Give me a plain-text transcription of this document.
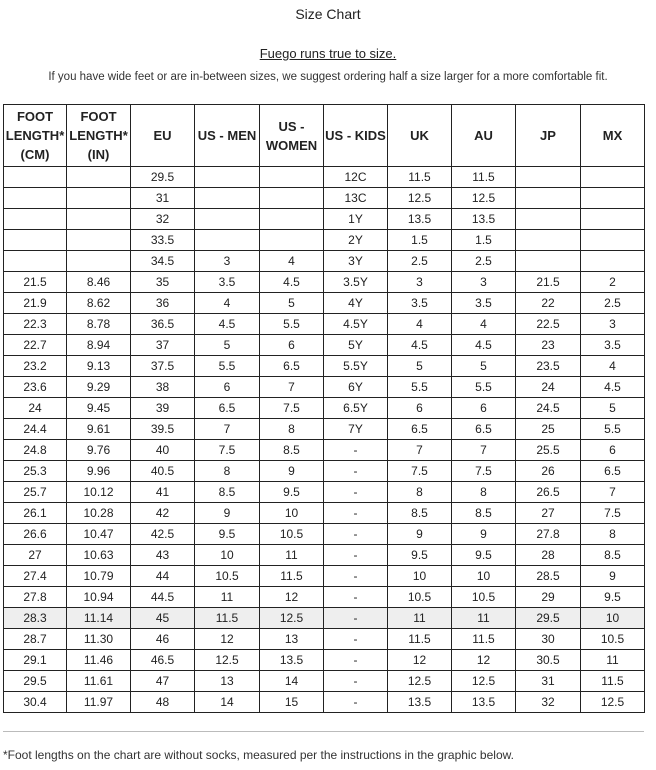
Size Chart
Fuego runs true to size.
If you have wide feet or are in-between sizes, we suggest ordering half a size larger for a more comfortable fit.
FOOT
LENGTH*
(CM)	FOOT
LENGTH*
(IN)	EU	US - MEN	US -
WOMEN	US - KIDS	UK	AU	JP	MX
		29.5			12C	11.5	11.5		
		31			13C	12.5	12.5		
		32			1Y	13.5	13.5		
		33.5			2Y	1.5	1.5		
		34.5	3	4	3Y	2.5	2.5		
21.5	8.46	35	3.5	4.5	3.5Y	3	3	21.5	2
21.9	8.62	36	4	5	4Y	3.5	3.5	22	2.5
22.3	8.78	36.5	4.5	5.5	4.5Y	4	4	22.5	3
22.7	8.94	37	5	6	5Y	4.5	4.5	23	3.5
23.2	9.13	37.5	5.5	6.5	5.5Y	5	5	23.5	4
23.6	9.29	38	6	7	6Y	5.5	5.5	24	4.5
24	9.45	39	6.5	7.5	6.5Y	6	6	24.5	5
24.4	9.61	39.5	7	8	7Y	6.5	6.5	25	5.5
24.8	9.76	40	7.5	8.5	-	7	7	25.5	6
25.3	9.96	40.5	8	9	-	7.5	7.5	26	6.5
25.7	10.12	41	8.5	9.5	-	8	8	26.5	7
26.1	10.28	42	9	10	-	8.5	8.5	27	7.5
26.6	10.47	42.5	9.5	10.5	-	9	9	27.8	8
27	10.63	43	10	11	-	9.5	9.5	28	8.5
27.4	10.79	44	10.5	11.5	-	10	10	28.5	9
27.8	10.94	44.5	11	12	-	10.5	10.5	29	9.5
28.3	11.14	45	11.5	12.5	-	11	11	29.5	10
28.7	11.30	46	12	13	-	11.5	11.5	30	10.5
29.1	11.46	46.5	12.5	13.5	-	12	12	30.5	11
29.5	11.61	47	13	14	-	12.5	12.5	31	11.5
30.4	11.97	48	14	15	-	13.5	13.5	32	12.5
*Foot lengths on the chart are without socks, measured per the instructions in the graphic below.
